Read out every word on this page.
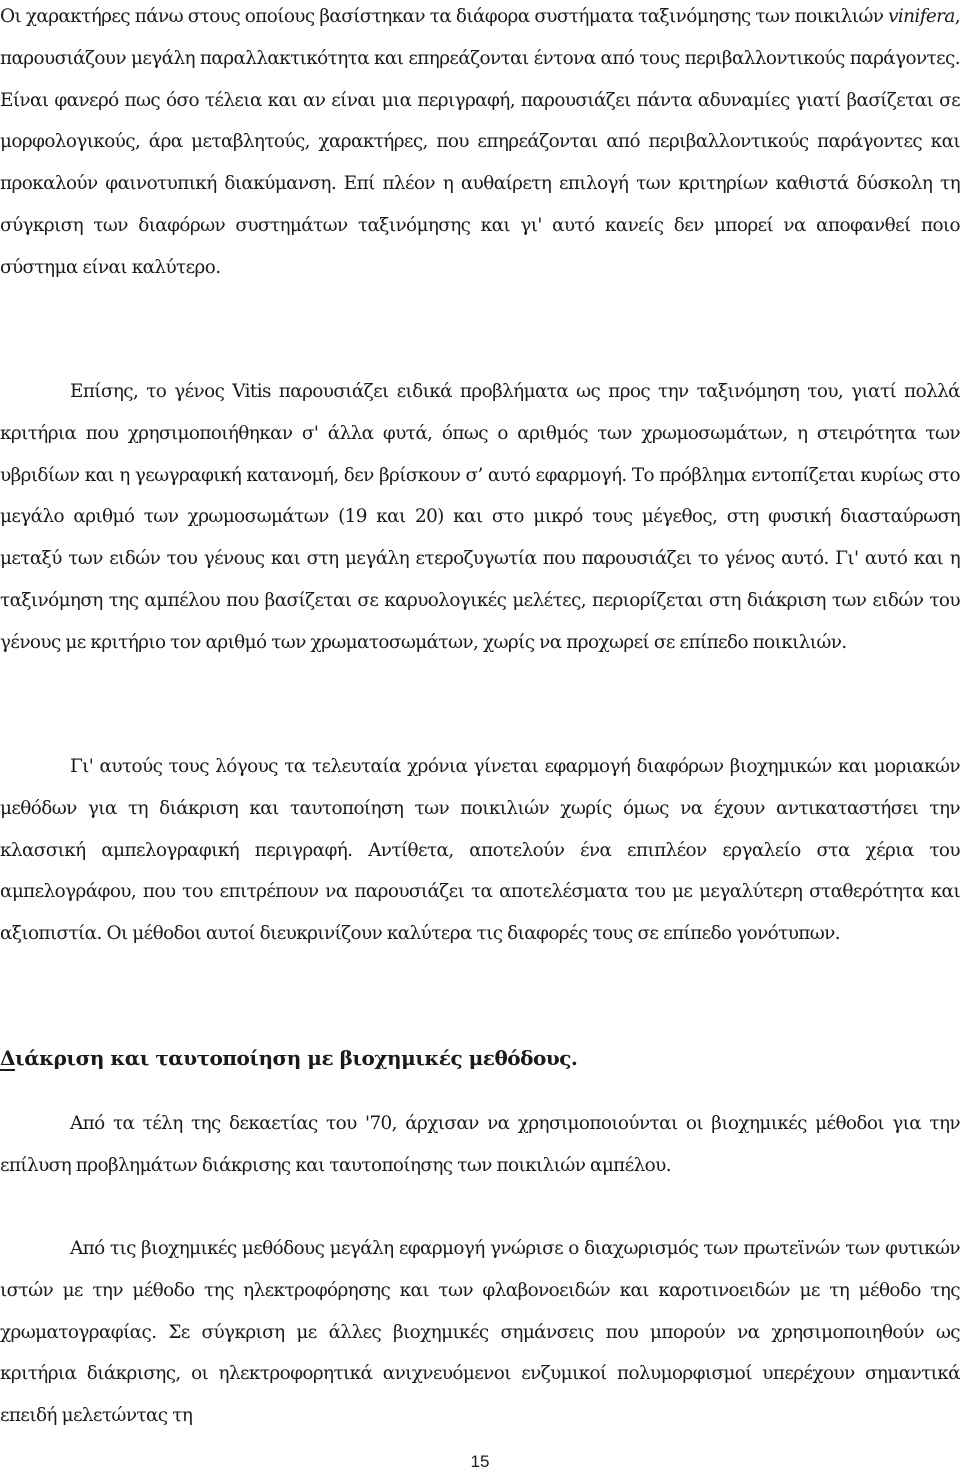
Οι χαρακτήρες πάνω στους οποίους βασίστηκαν τα διάφορα συστήματα ταξινόμησης των ποικιλιών vinifera, παρουσιάζουν μεγάλη παραλλακτικότητα και επηρεάζονται έντονα από τους περιβαλλοντικούς παράγοντες. Είναι φανερό πως όσο τέλεια και αν είναι μια περιγραφή, παρουσιάζει πάντα αδυναμίες γιατί βασίζεται σε μορφολογικούς, άρα μεταβλητούς, χαρακτήρες, που επηρεάζονται από περιβαλλοντικούς παράγοντες και προκαλούν φαινοτυπική διακύμανση. Επί πλέον η αυθαίρετη επιλογή των κριτηρίων καθιστά δύσκολη τη σύγκριση των διαφόρων συστημάτων ταξινόμησης και γι' αυτό κανείς δεν μπορεί να αποφανθεί ποιο σύστημα είναι καλύτερο.

Επίσης, το γένος Vitis παρουσιάζει ειδικά προβλήματα ως προς την ταξινόμηση του, γιατί πολλά κριτήρια που χρησιμοποιήθηκαν σ' άλλα φυτά, όπως ο αριθμός των χρωμοσωμάτων, η στειρότητα των υβριδίων και η γεωγραφική κατανομή, δεν βρίσκουν σ’ αυτό εφαρμογή. Το πρόβλημα εντοπίζεται κυρίως στο μεγάλο αριθμό των χρωμοσωμάτων (19 και 20) και στο μικρό τους μέγεθος, στη φυσική διασταύρωση μεταξύ των ειδών του γένους και στη μεγάλη ετεροζυγωτία που παρουσιάζει το γένος αυτό. Γι' αυτό και η ταξινόμηση της αμπέλου που βασίζεται σε καρυολογικές μελέτες, περιορίζεται στη διάκριση των ειδών του γένους με κριτήριο τον αριθμό των χρωματοσωμάτων, χωρίς να προχωρεί σε επίπεδο ποικιλιών.

Γι' αυτούς τους λόγους τα τελευταία χρόνια γίνεται εφαρμογή διαφόρων βιοχημικών και μοριακών μεθόδων για τη διάκριση και ταυτοποίηση των ποικιλιών χωρίς όμως να έχουν αντικαταστήσει την κλασσική αμπελογραφική περιγραφή. Αντίθετα, αποτελούν ένα επιπλέον εργαλείο στα χέρια του αμπελογράφου, που του επιτρέπουν να παρουσιάζει τα αποτελέσματα του με μεγαλύτερη σταθερότητα και αξιοπιστία. Οι μέθοδοι αυτοί διευκρινίζουν καλύτερα τις διαφορές τους σε επίπεδο γονότυπων.

Διάκριση και ταυτοποίηση με βιοχημικές μεθόδους.

Από τα τέλη της δεκαετίας του '70, άρχισαν να χρησιμοποιούνται οι βιοχημικές μέθοδοι για την επίλυση προβλημάτων διάκρισης και ταυτοποίησης των ποικιλιών αμπέλου.

Από τις βιοχημικές μεθόδους μεγάλη εφαρμογή γνώρισε ο διαχωρισμός των πρωτεϊνών των φυτικών ιστών με την μέθοδο της ηλεκτροφόρησης και των φλαβονοειδών και καροτινοειδών με τη μέθοδο της χρωματογραφίας. Σε σύγκριση με άλλες βιοχημικές σημάνσεις που μπορούν να χρησιμοποιηθούν ως κριτήρια διάκρισης, οι ηλεκτροφορητικά ανιχνευόμενοι ενζυμικοί πολυμορφισμοί υπερέχουν σημαντικά επειδή μελετώντας τη

15
